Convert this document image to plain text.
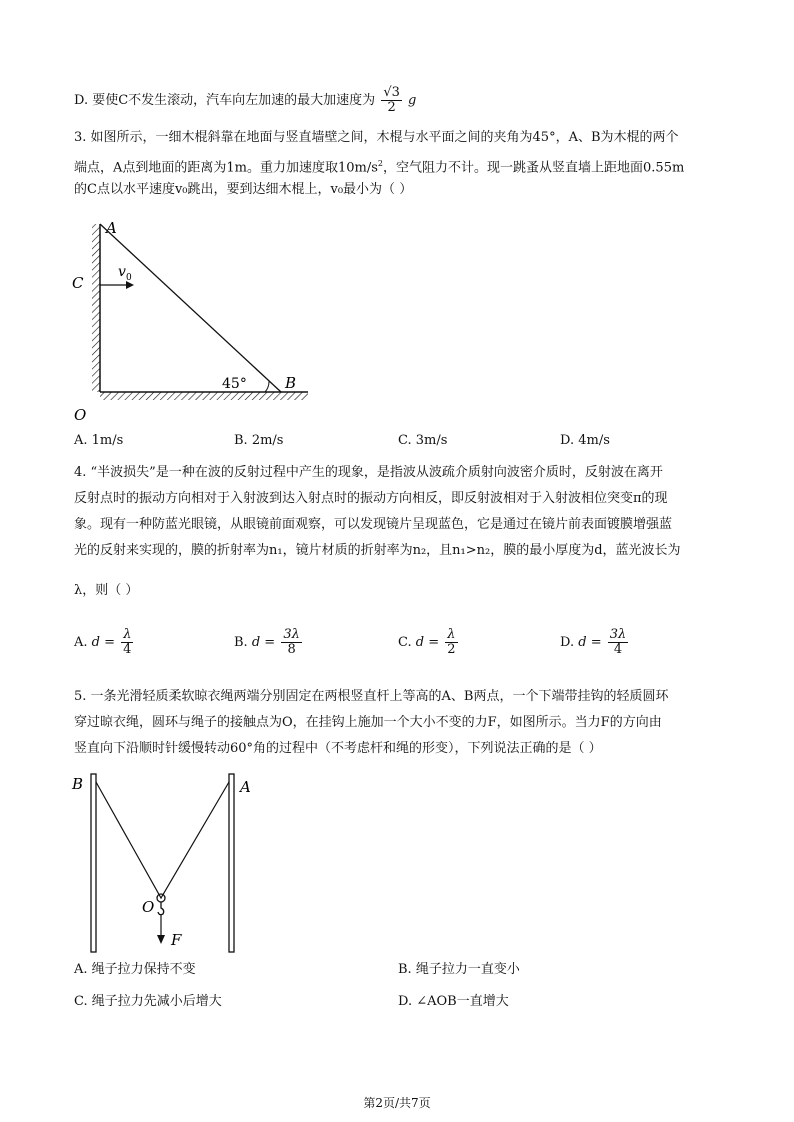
D. 要使C不发生滚动，汽车向左加速的最大加速度为 $\frac{√3}{2}$ g
3. 如图所示，一细木棍斜靠在地面与竖直墙壁之间，木棍与水平面之间的夹角为45°，A、B为木棍的两个
端点，A点到地面的距离为1m。重力加速度取$10m/s^2$，空气阻力不计。现一跳蚤从竖直墙上距地面0.55m
的C点以水平速度v₀跳出，要到达细木棍上，v₀最小为（ ）
A
C
v 0
45°	B
O
A. 1m/s	B. 2m/s	C. 3m/s	D. 4m/s
4. “半波损失”是一种在波的反射过程中产生的现象，是指波从波疏介质射向波密介质时，反射波在离开
反射点时的振动方向相对于入射波到达入射点时的振动方向相反，即反射波相对于入射波相位突变π的现
象。现有一种防蓝光眼镜，从眼镜前面观察，可以发现镜片呈现蓝色，它是通过在镜片前表面镀膜增强蓝
光的反射来实现的，膜的折射率为n₁，镜片材质的折射率为n₂，且n₁>n₂，膜的最小厚度为d，蓝光波长为
λ，则（ ）
A. $d = \frac{\lambda}{4}$	B. $d = \frac{3\lambda}{8}$	C. $d = \frac{\lambda}{2}$	D. $d = \frac{3\lambda}{4}$
5. 一条光滑轻质柔软晾衣绳两端分别固定在两根竖直杆上等高的A、B两点，一个下端带挂钩的轻质圆环
穿过晾衣绳，圆环与绳子的接触点为O，在挂钩上施加一个大小不变的力F，如图所示。当力F的方向由
竖直向下沿顺时针缓慢转动60°角的过程中（不考虑杆和绳的形变），下列说法正确的是（ ）
B	A
O
F
A. 绳子拉力保持不变	B. 绳子拉力一直变小
C. 绳子拉力先减小后增大	D. ∠AOB一直增大
第2页/共7页
